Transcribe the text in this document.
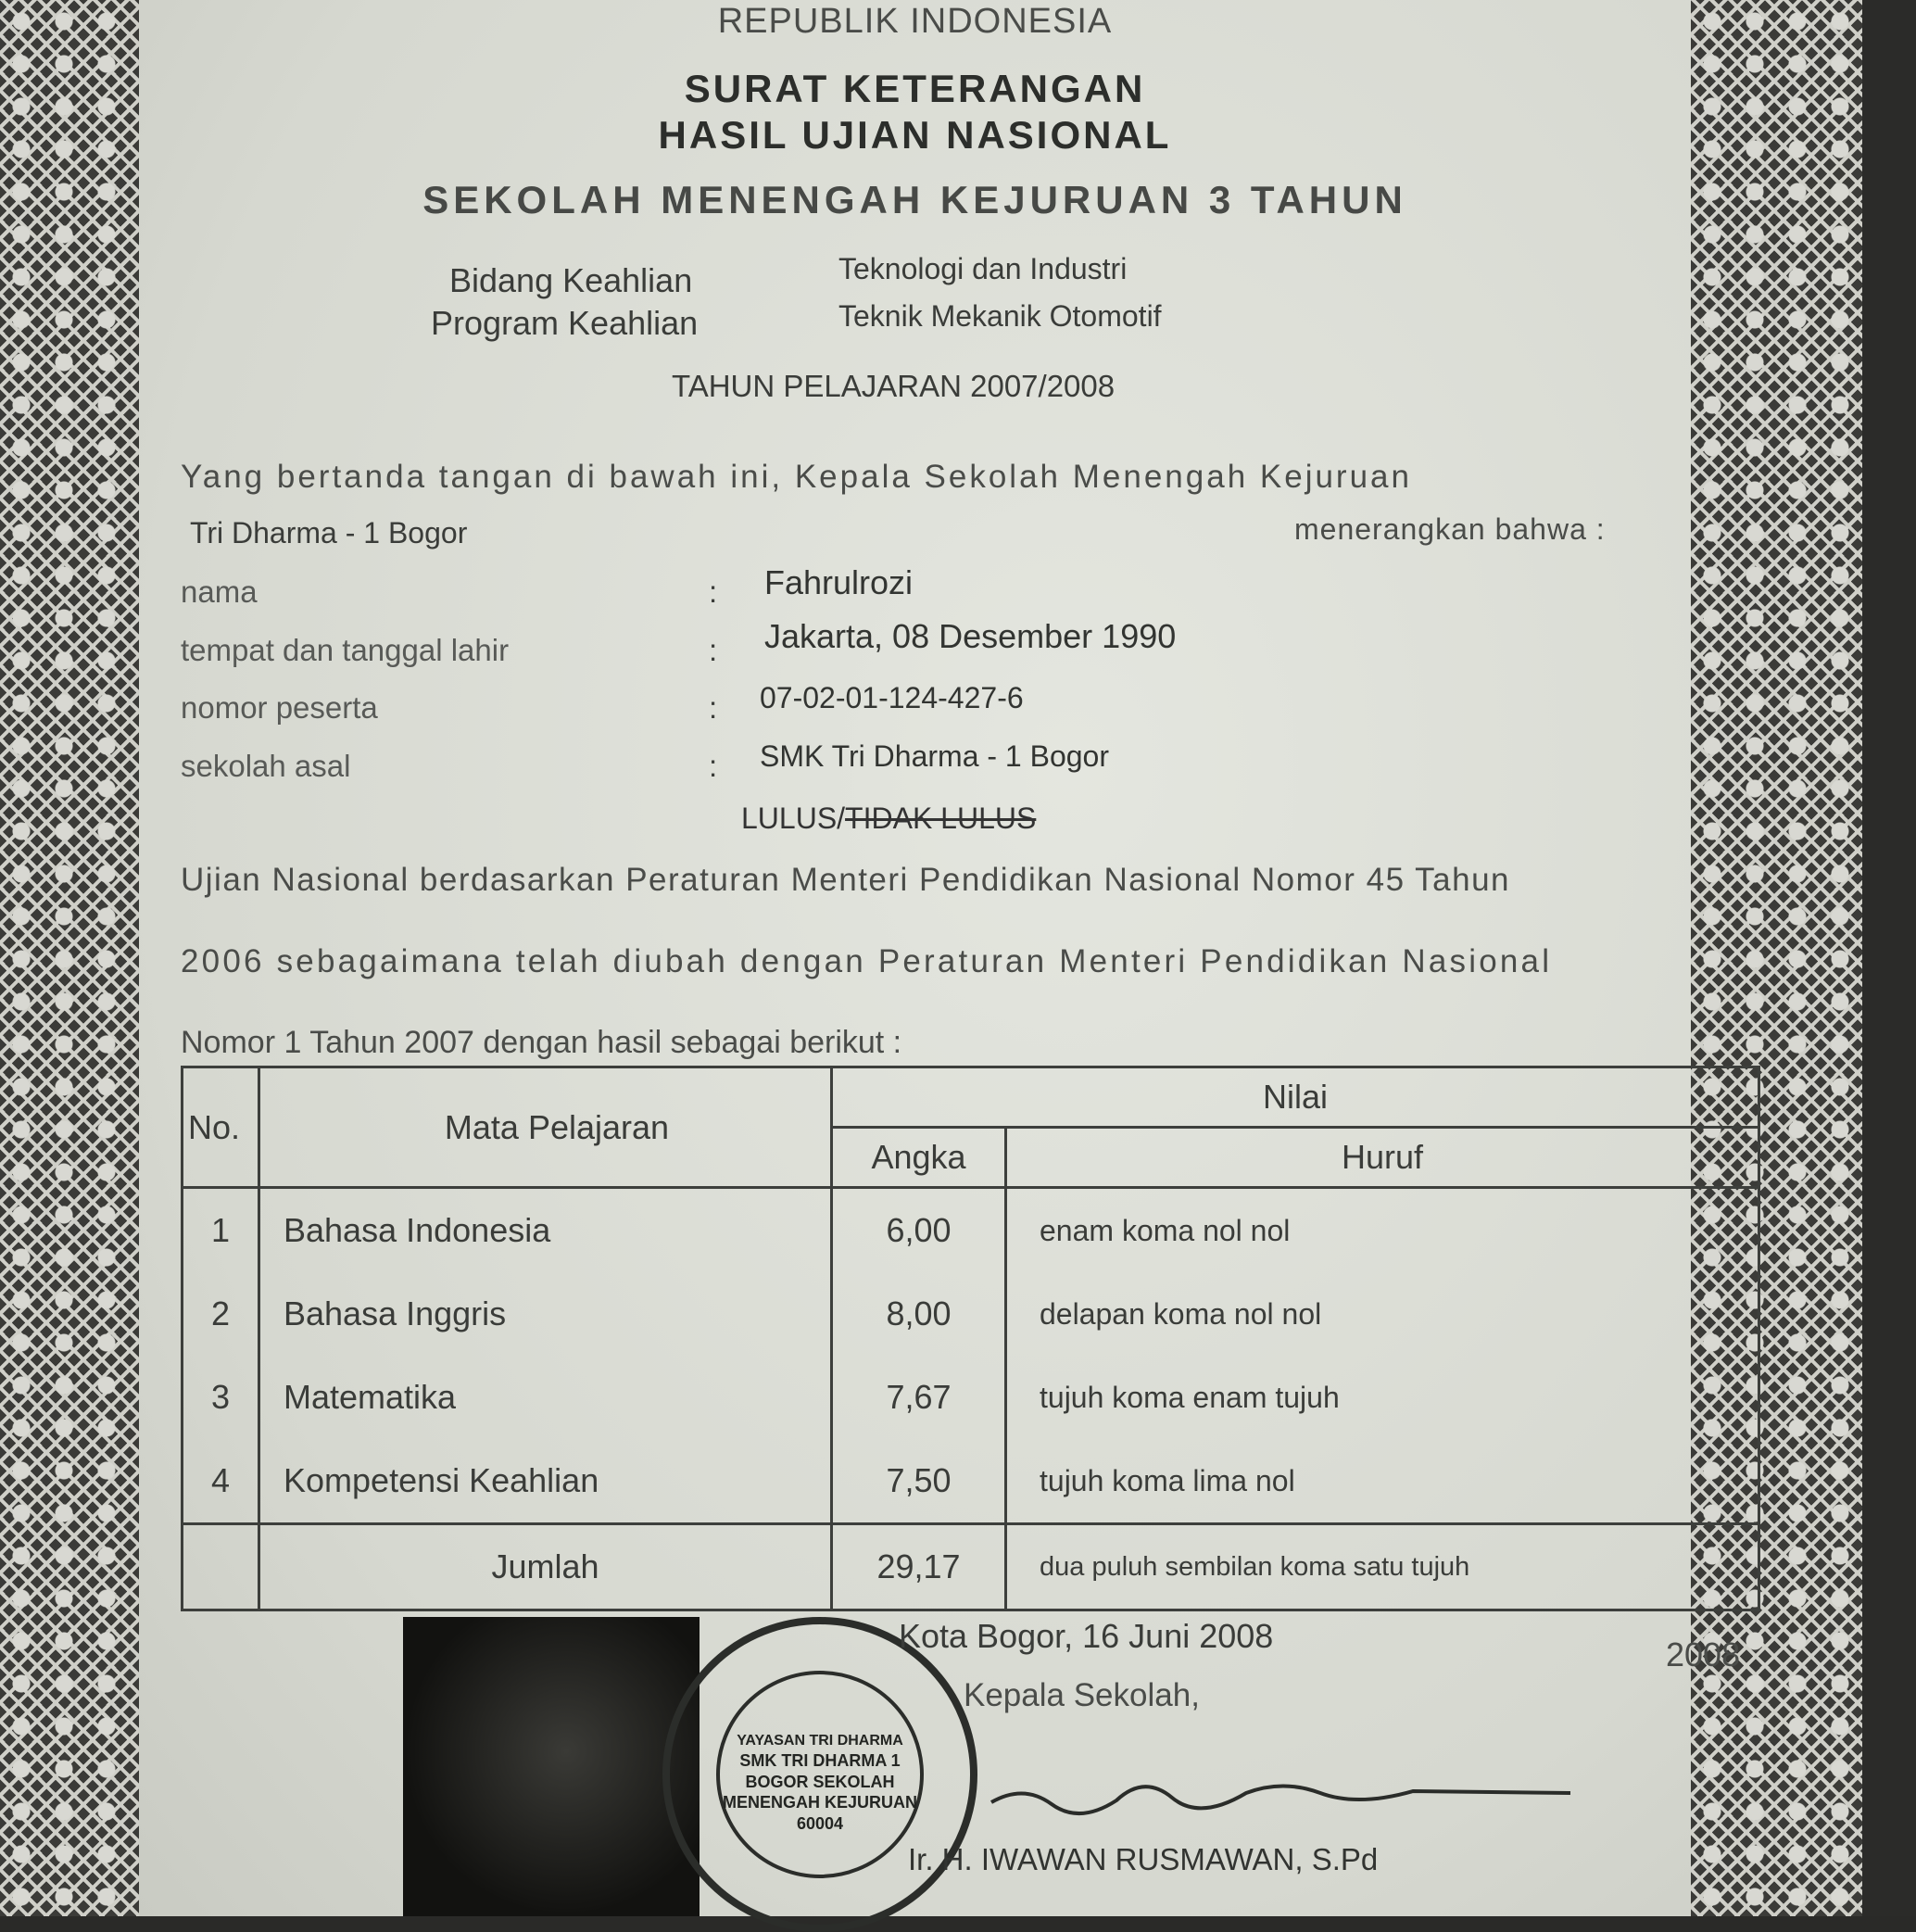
REPUBLIK INDONESIA
SURAT KETERANGAN
HASIL UJIAN NASIONAL
SEKOLAH MENENGAH KEJURUAN 3 TAHUN
Bidang Keahlian	Teknologi dan Industri
Program Keahlian	Teknik Mekanik Otomotif
TAHUN PELAJARAN 2007/2008
Yang bertanda tangan di bawah ini, Kepala Sekolah Menengah Kejuruan
Tri Dharma - 1 Bogor	menerangkan bahwa :
nama	: Fahrulrozi
tempat dan tanggal lahir	: Jakarta, 08 Desember 1990
nomor peserta	: 07-02-01-124-427-6
sekolah asal	: SMK Tri Dharma - 1 Bogor
LULUS/TIDAK LULUS
Ujian Nasional berdasarkan Peraturan Menteri Pendidikan Nasional Nomor 45 Tahun
2006 sebagaimana telah diubah dengan Peraturan Menteri Pendidikan Nasional
Nomor 1 Tahun 2007 dengan hasil sebagai berikut :
No.	Mata Pelajaran	Nilai	
		Angka	Huruf
1	Bahasa Indonesia	6,00	enam koma nol nol
2	Bahasa Inggris	8,00	delapan koma nol nol
3	Matematika	7,67	tujuh koma enam tujuh
4	Kompetensi Keahlian	7,50	tujuh koma lima nol
	Jumlah	29,17	dua puluh sembilan koma satu tujuh
YAYASAN TRI DHARMA
SMK TRI DHARMA 1 BOGOR SEKOLAH MENENGAH KEJURUAN
60004
Kota Bogor, 16 Juni 2008	2008
Kepala Sekolah,
Ir. H. IWAWAN RUSMAWAN, S.Pd
